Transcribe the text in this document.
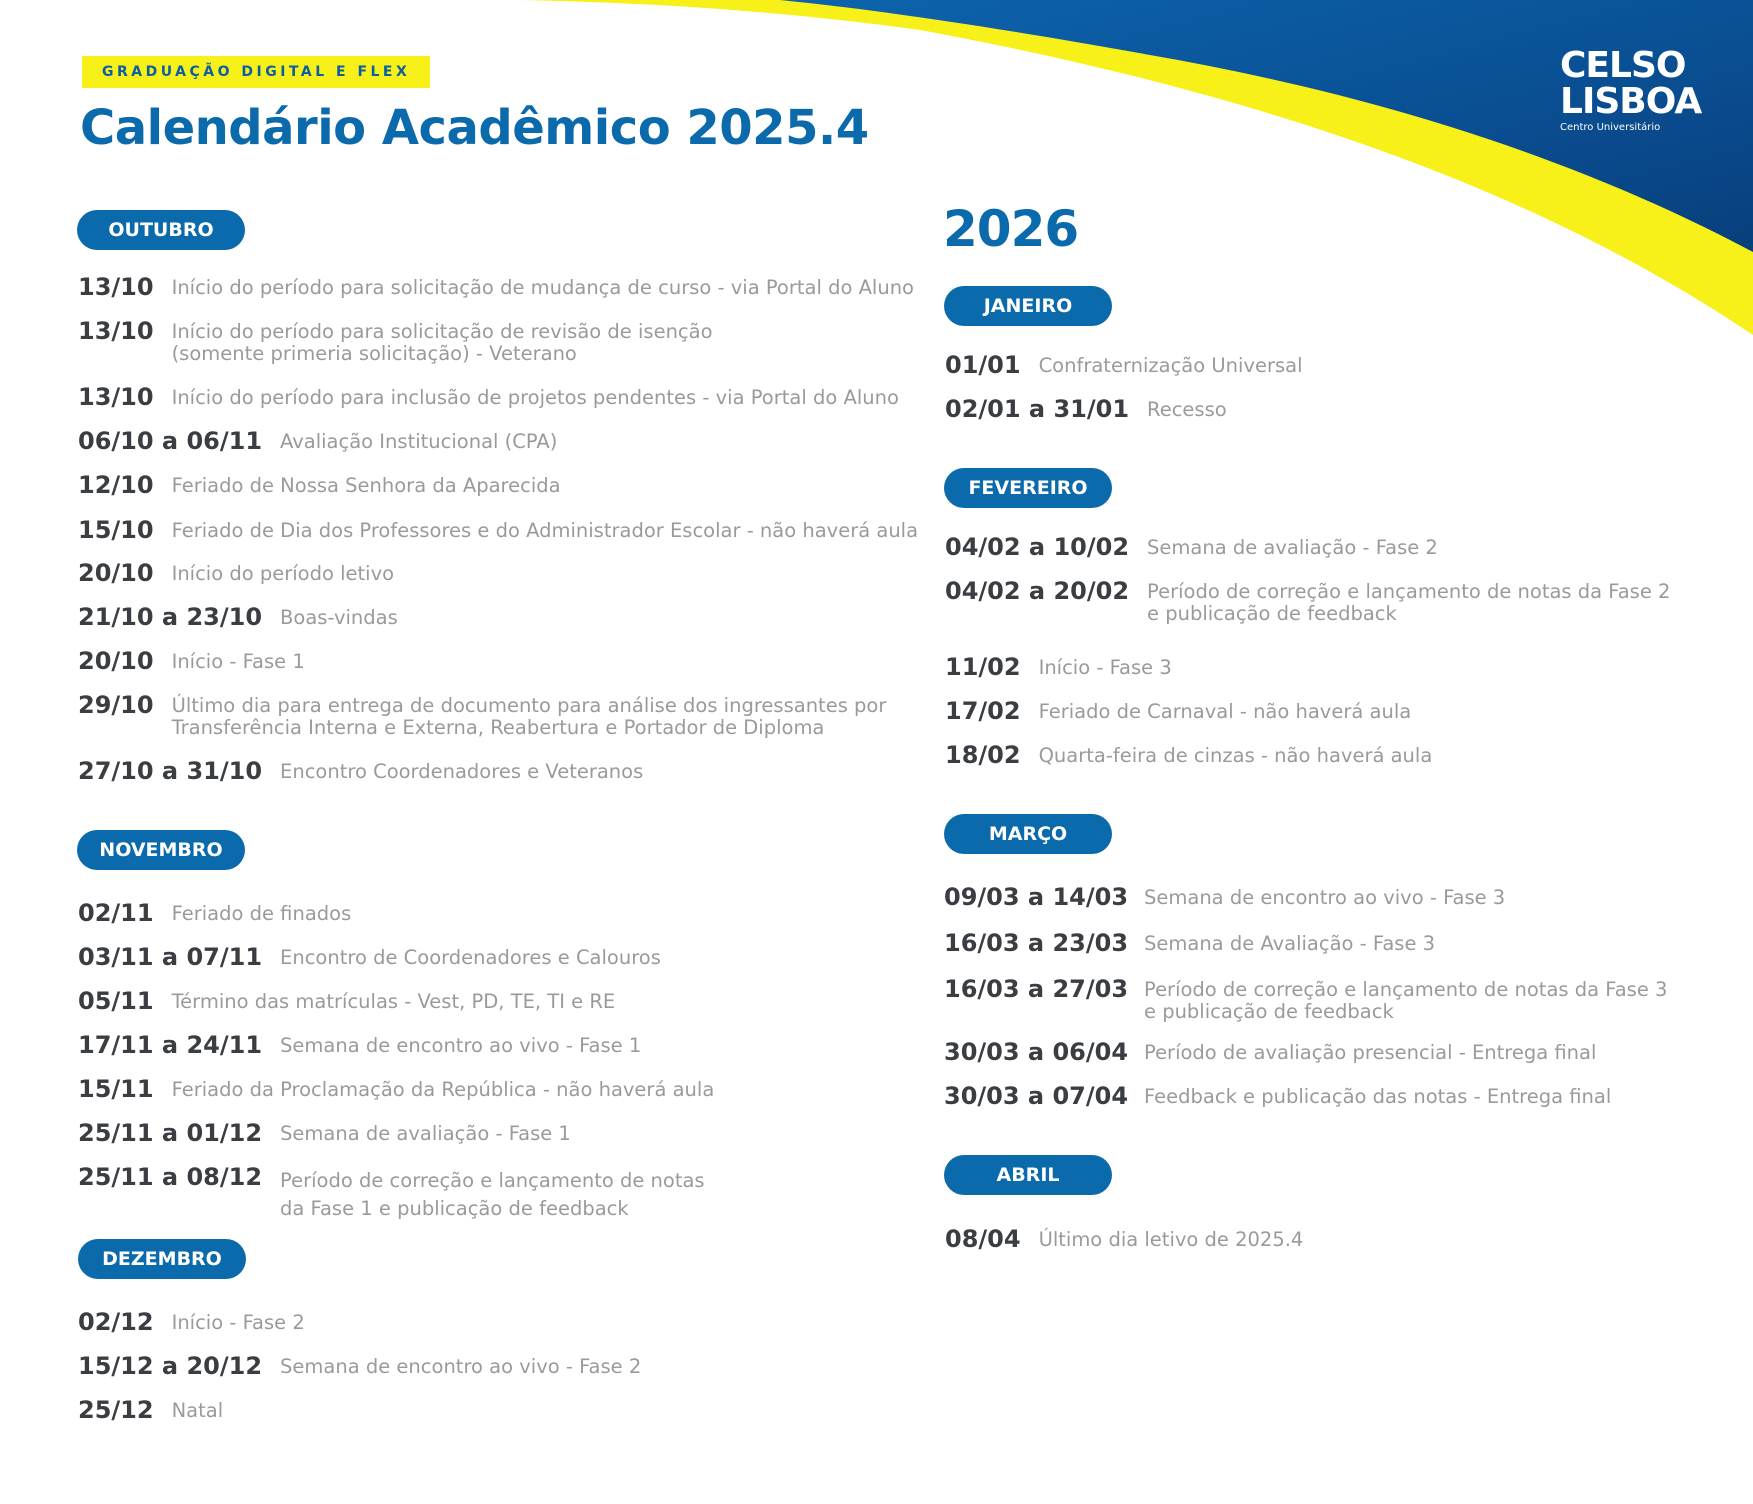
CELSO
LISBOA
Centro Universitário
GRADUAÇÃO DIGITAL E FLEX
Calendário Acadêmico 2025.4
2026
OUTUBRO
13/10 Início do período para solicitação de mudança de curso - via Portal do Aluno
13/10 Início do período para solicitação de revisão de isenção
(somente primeria solicitação) - Veterano
13/10 Início do período para inclusão de projetos pendentes - via Portal do Aluno
06/10 a 06/11 Avaliação Institucional (CPA)
12/10 Feriado de Nossa Senhora da Aparecida
15/10 Feriado de Dia dos Professores e do Administrador Escolar - não haverá aula
20/10 Início do período letivo
21/10 a 23/10 Boas-vindas
20/10 Início - Fase 1
29/10 Último dia para entrega de documento para análise dos ingressantes por
Transferência Interna e Externa, Reabertura e Portador de Diploma
27/10 a 31/10 Encontro Coordenadores e Veteranos
NOVEMBRO
02/11 Feriado de finados
03/11 a 07/11 Encontro de Coordenadores e Calouros
05/11 Término das matrículas - Vest, PD, TE, TI e RE
17/11 a 24/11 Semana de encontro ao vivo - Fase 1
15/11 Feriado da Proclamação da República - não haverá aula
25/11 a 01/12 Semana de avaliação - Fase 1
25/11 a 08/12 Período de correção e lançamento de notas
da Fase 1 e publicação de feedback
DEZEMBRO
02/12 Início - Fase 2
15/12 a 20/12 Semana de encontro ao vivo - Fase 2
25/12 Natal
JANEIRO
01/01 Confraternização Universal
02/01 a 31/01 Recesso
FEVEREIRO
04/02 a 10/02 Semana de avaliação - Fase 2
04/02 a 20/02 Período de correção e lançamento de notas da Fase 2
e publicação de feedback
11/02 Início - Fase 3
17/02 Feriado de Carnaval - não haverá aula
18/02 Quarta-feira de cinzas - não haverá aula
MARÇO
09/03 a 14/03 Semana de encontro ao vivo - Fase 3
16/03 a 23/03 Semana de Avaliação - Fase 3
16/03 a 27/03 Período de correção e lançamento de notas da Fase 3
e publicação de feedback
30/03 a 06/04 Período de avaliação presencial - Entrega final
30/03 a 07/04 Feedback e publicação das notas - Entrega final
ABRIL
08/04 Último dia letivo de 2025.4
